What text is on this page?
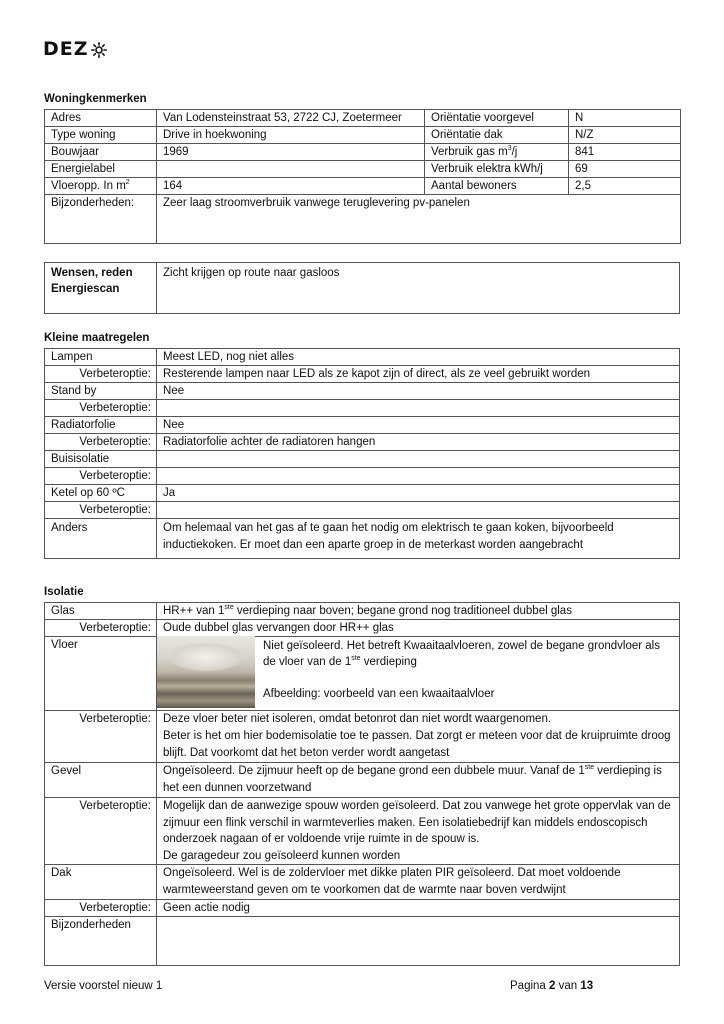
DEZ
Woningkenmerken
Adres	Van Lodensteinstraat 53, 2722 CJ, Zoetermeer	Oriëntatie voorgevel	N
Type woning	Drive in hoekwoning	Oriëntatie dak	N/Z
Bouwjaar	1969	Verbruik gas $m^3/j$	841
Energielabel		Verbruik elektra kWh/j	69
Vloeropp. In $m^2$	164	Aantal bewoners	2,5
Bijzonderheden:	Zeer laag stroomverbruik vanwege teruglevering pv-panelen		
Wensen, reden Energiescan	Zicht krijgen op route naar gasloos
Kleine maatregelen
Lampen	Meest LED, nog niet alles
Verbeteroptie:	Resterende lampen naar LED als ze kapot zijn of direct, als ze veel gebruikt worden
Stand by	Nee
Verbeteroptie:	
Radiatorfolie	Nee
Verbeteroptie:	Radiatorfolie achter de radiatoren hangen
Buisisolatie	
Verbeteroptie:	
Ketel op 60 ºC	Ja
Verbeteroptie:	
Anders	Om helemaal van het gas af te gaan het nodig om elektrisch te gaan koken, bijvoorbeeld inductiekoken. Er moet dan een aparte groep in de meterkast worden aangebracht
Isolatie
Glas	HR++ van 1ste verdieping naar boven; begane grond nog traditioneel dubbel glas
Verbeteroptie:	Oude dubbel glas vervangen door HR++ glas
Vloer	Niet geïsoleerd. Het betreft Kwaaitaalvloeren, zowel de begane grondvloer als de vloer van de 1ste verdieping
Afbeelding: voorbeeld van een kwaaitaalvloer

Verbeteroptie:	Deze vloer beter niet isoleren, omdat betonrot dan niet wordt waargenomen.
Beter is het om hier bodemisolatie toe te passen. Dat zorgt er meteen voor dat de kruipruimte droog blijft. Dat voorkomt dat het beton verder wordt aangetast

Gevel	Ongeïsoleerd. De zijmuur heeft op de begane grond een dubbele muur. Vanaf de 1ste verdieping is het een dunnen voorzetwand
Verbeteroptie:	Mogelijk dan de aanwezige spouw worden geïsoleerd. Dat zou vanwege het grote oppervlak van de zijmuur een flink verschil in warmteverlies maken. Een isolatiebedrijf kan middels endoscopisch onderzoek nagaan of er voldoende vrije ruimte in de spouw is.
De garagedeur zou geïsoleerd kunnen worden

Dak	Ongeïsoleerd. Wel is de zoldervloer met dikke platen PIR geïsoleerd. Dat moet voldoende warmteweerstand geven om te voorkomen dat de warmte naar boven verdwijnt
Verbeteroptie:	Geen actie nodig
Bijzonderheden	
Versie voorstel nieuw 1	Pagina 2 van 13
